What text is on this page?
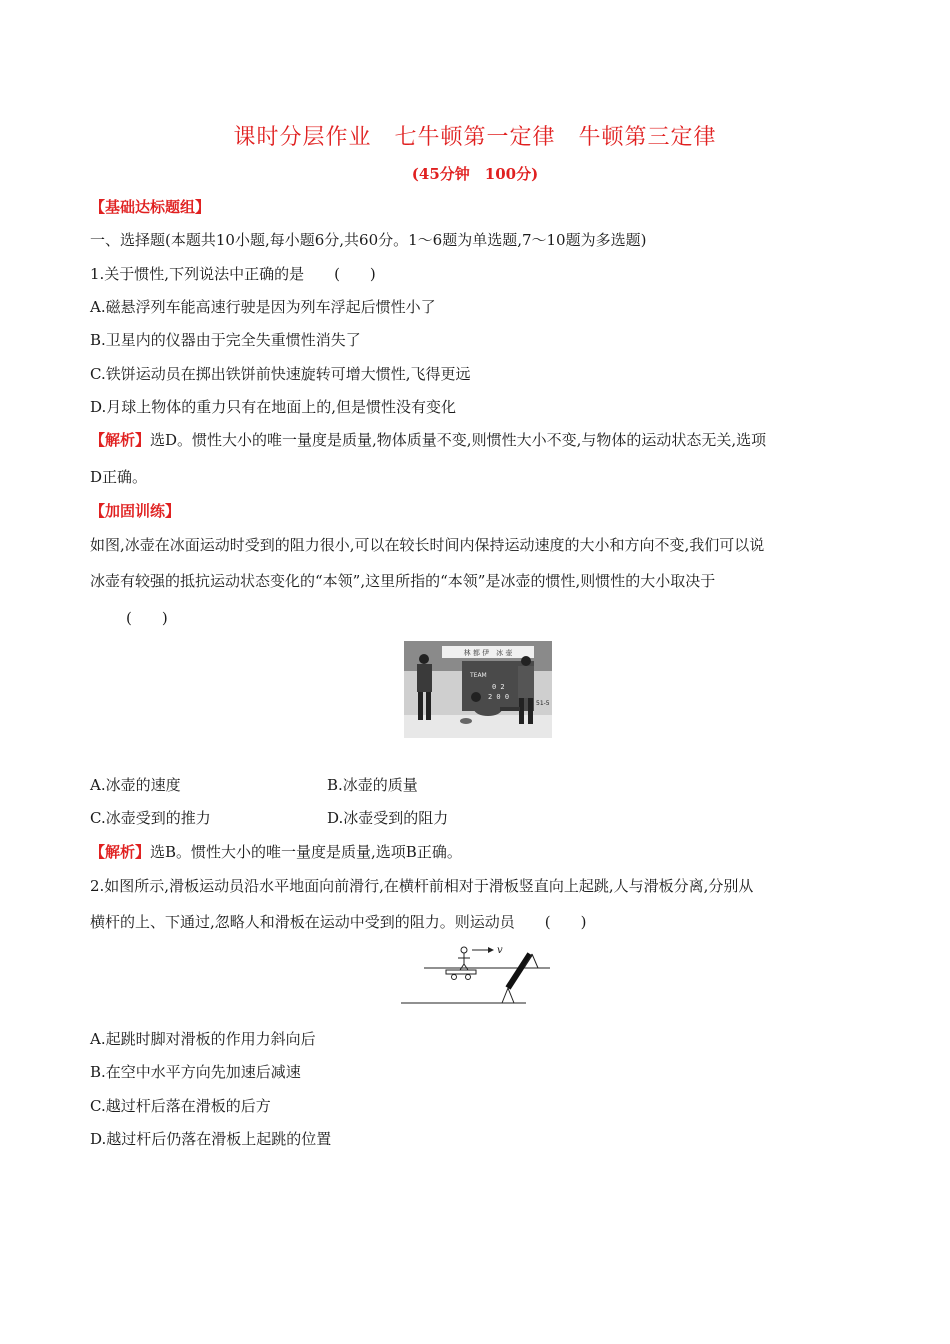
课时分层作业　七牛顿第一定律　牛顿第三定律
(45分钟　100分)
【基础达标题组】
一、选择题(本题共10小题,每小题6分,共60分。1～6题为单选题,7～10题为多选题)
1.关于惯性,下列说法中正确的是　　(　　)
A.磁悬浮列车能高速行驶是因为列车浮起后惯性小了
B.卫星内的仪器由于完全失重惯性消失了
C.铁饼运动员在掷出铁饼前快速旋转可增大惯性,飞得更远
D.月球上物体的重力只有在地面上的,但是惯性没有变化
【解析】选D。惯性大小的唯一量度是质量,物体质量不变,则惯性大小不变,与物体的运动状态无关,选项
D正确。
【加固训练】
如图,冰壶在冰面运动时受到的阻力很小,可以在较长时间内保持运动速度的大小和方向不变,我们可以说
冰壶有较强的抵抗运动状态变化的“本领”,这里所指的“本领”是冰壶的惯性,则惯性的大小取决于
(　　)
林 都 伊　冰 壶
TEAM
0 2
2 0 0
51-5
A.冰壶的速度	B.冰壶的质量
C.冰壶受到的推力	D.冰壶受到的阻力
【解析】选B。惯性大小的唯一量度是质量,选项B正确。
2.如图所示,滑板运动员沿水平地面向前滑行,在横杆前相对于滑板竖直向上起跳,人与滑板分离,分别从
横杆的上、下通过,忽略人和滑板在运动中受到的阻力。则运动员　　(　　)
v
A.起跳时脚对滑板的作用力斜向后
B.在空中水平方向先加速后减速
C.越过杆后落在滑板的后方
D.越过杆后仍落在滑板上起跳的位置
